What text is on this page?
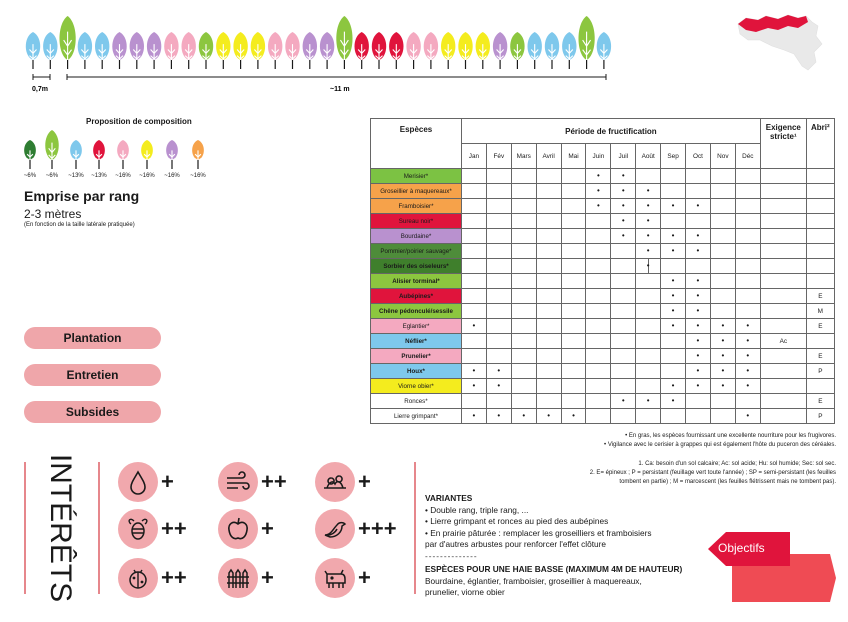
0,7m	~11 m
Proposition de composition
~6%	~6%	~13%	~13%	~16%	~16%	~16%	~16%
Emprise par rang
2-3 mètres
(En fonction de la taille latérale pratiquée)
Plantation
Entretien
Subsides
Espèces	Période de fructification												Exigence stricte¹	Abri²
	Jan	Fév	Mars	Avril	Mai	Juin	Juil	Août	Sep	Oct	Nov	Déc		
Merisier*						•	•							
Groseillier à maquereaux*						•	•	•						
Framboisier*						•	•	•	•	•				
Sureau noir*							•	•						
Bourdaine*							•	•	•	•				
Pommier/poirier sauvage*								•	•	•				
Sorbier des oiseleurs*								•						
Alisier torminal*									•	•				
Aubépines*									•	•				E
Chêne pédonculé/sessile									•	•				M
Eglantier*	•								•	•	•	•		E
Néflier*										•	•	•	Ac	
Prunelier*										•	•	•		E
Houx*	•	•								•	•	•		P
Viorne obier*	•	•							•	•	•	•		
Ronces*							•	•	•					E
Lierre grimpant*	•	•	•	•	•							•		P
• En gras, les espèces fournissant une excellente nourriture pour les frugivores.
• Vigilance avec le cerisier à grappes qui est également l'hôte du puceron des céréales.
1. Ca: besoin d'un sol calcaire; Ac: sol acide; Hu: sol humide; Sec: sol sec.
2. E= épineux ; P = persistant (feuillage vert toute l'année) ; SP = semi-persistant (les feuilles
tombent en partie) ; M = marcescent (les feuilles flétrissent mais ne tombent pas).
INTÉRÊTS	+	++	+
++	+	+++
++	+	+
VARIANTES
• Double rang, triple rang, ...
• Lierre grimpant et ronces au pied des aubépines
• En prairie pâturée : remplacer les groseilliers et framboisiers
par d'autres arbustes pour renforcer l'effet clôture
--------------
ESPÈCES POUR UNE HAIE BASSE (MAXIMUM 4M DE HAUTEUR)
Bourdaine, églantier, framboisier, groseillier à maquereaux,
prunelier, viorne obier
Objectifs
